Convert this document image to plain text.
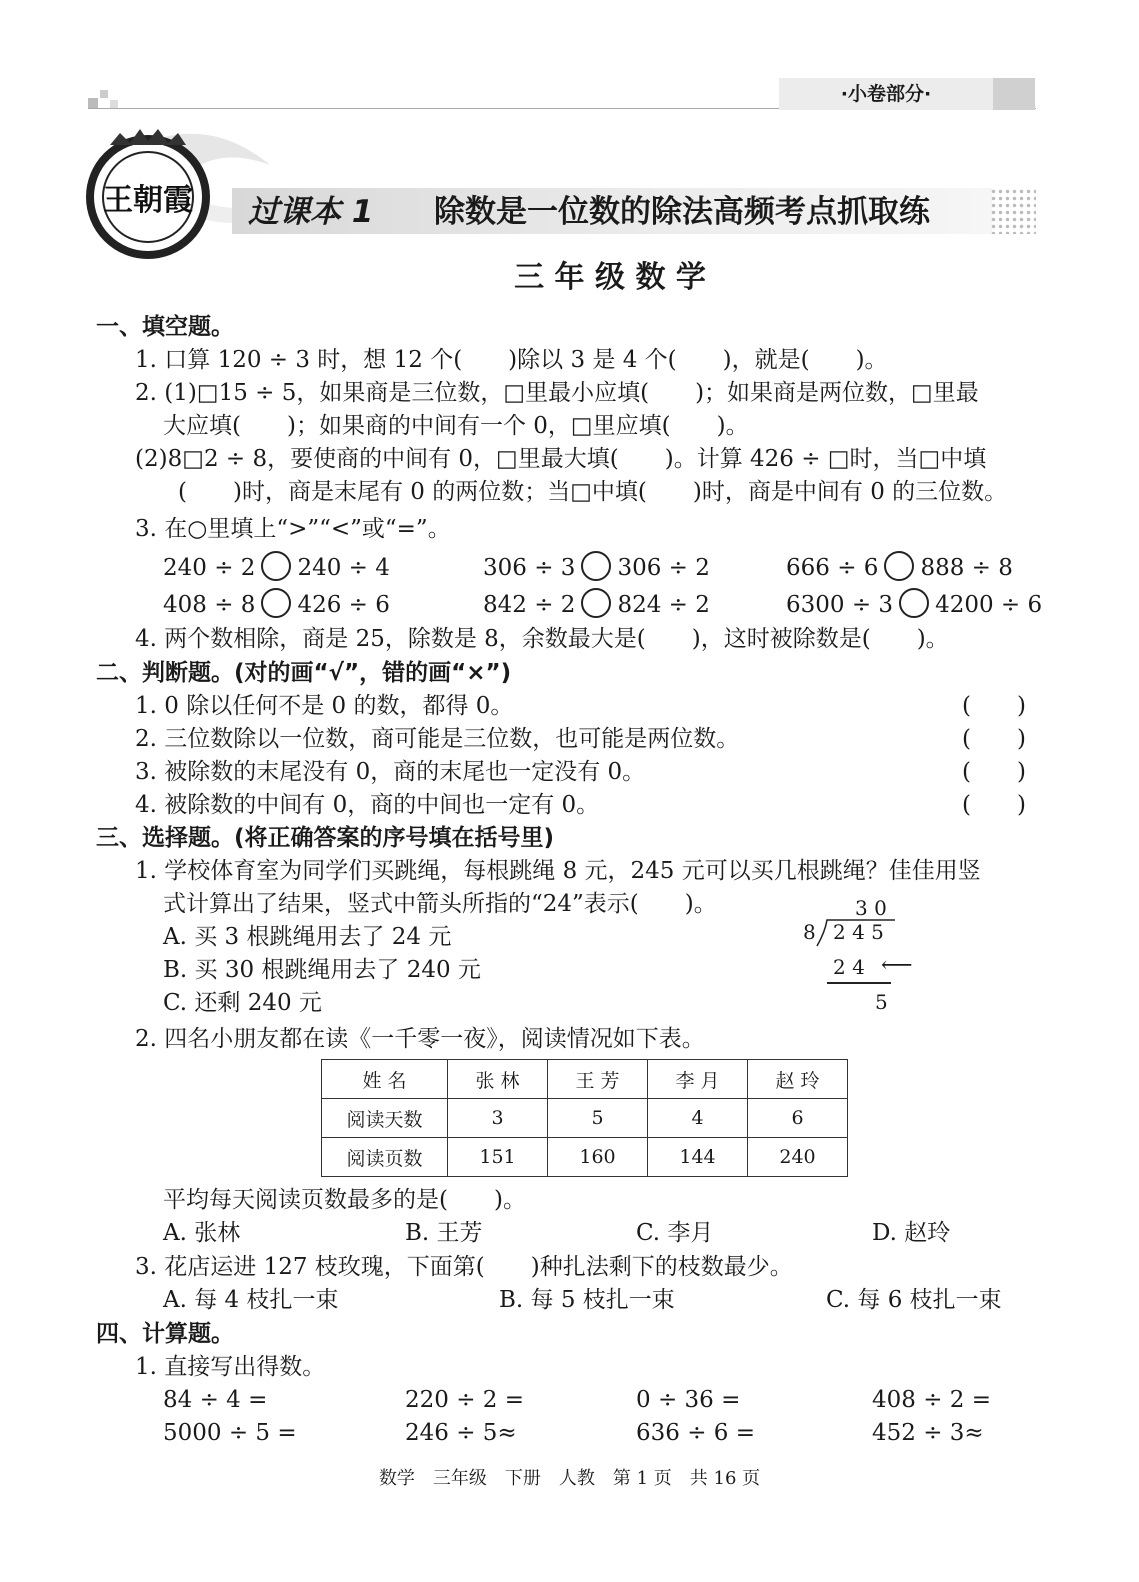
·小卷部分·
王朝霞 过课本 1 除数是一位数的除法高频考点抓取练
三 年 级 数 学
一、填空题。
1. 口算 120 ÷ 3 时，想 12 个(　　)除以 3 是 4 个(　　)，就是(　　)。
2. (1)□15 ÷ 5，如果商是三位数，□里最小应填(　　)；如果商是两位数，□里最
大应填(　　)；如果商的中间有一个 0，□里应填(　　)。
(2)8□2 ÷ 8，要使商的中间有 0，□里最大填(　　)。计算 426 ÷ □时，当□中填
(　　)时，商是末尾有 0 的两位数；当□中填(　　)时，商是中间有 0 的三位数。
3. 在○里填上“>”“<”或“=”。
240 ÷ 2 240 ÷ 4	306 ÷ 3 306 ÷ 2	666 ÷ 6 888 ÷ 8
408 ÷ 8 426 ÷ 6	842 ÷ 2 824 ÷ 2	6300 ÷ 3 4200 ÷ 6
4. 两个数相除，商是 25，除数是 8，余数最大是(　　)，这时被除数是(　　)。
二、判断题。(对的画“√”，错的画“×”)
1. 0 除以任何不是 0 的数，都得 0。	(　　)
2. 三位数除以一位数，商可能是三位数，也可能是两位数。	(　　)
3. 被除数的末尾没有 0，商的末尾也一定没有 0。	(　　)
4. 被除数的中间有 0，商的中间也一定有 0。	(　　)
三、选择题。(将正确答案的序号填在括号里)
1. 学校体育室为同学们买跳绳，每根跳绳 8 元，245 元可以买几根跳绳？佳佳用竖
式计算出了结果，竖式中箭头所指的“24”表示(　　)。
A. 买 3 根跳绳用去了 24 元
B. 买 30 根跳绳用去了 240 元
C. 还剩 240 元
3 0
8 2 4 5
2 4 ⟵
5
2. 四名小朋友都在读《一千零一夜》，阅读情况如下表。
姓 名	张 林	王 芳	李 月	赵 玲
阅读天数	3	5	4	6
阅读页数	151	160	144	240
平均每天阅读页数最多的是(　　)。
A. 张林	B. 王芳	C. 李月	D. 赵玲
3. 花店运进 127 枝玫瑰，下面第(　　)种扎法剩下的枝数最少。
A. 每 4 枝扎一束	B. 每 5 枝扎一束	C. 每 6 枝扎一束
四、计算题。
1. 直接写出得数。
84 ÷ 4 =	220 ÷ 2 =	0 ÷ 36 =	408 ÷ 2 =
5000 ÷ 5 =	246 ÷ 5≈	636 ÷ 6 =	452 ÷ 3≈
数学　三年级　下册　人教　第 1 页　共 16 页
